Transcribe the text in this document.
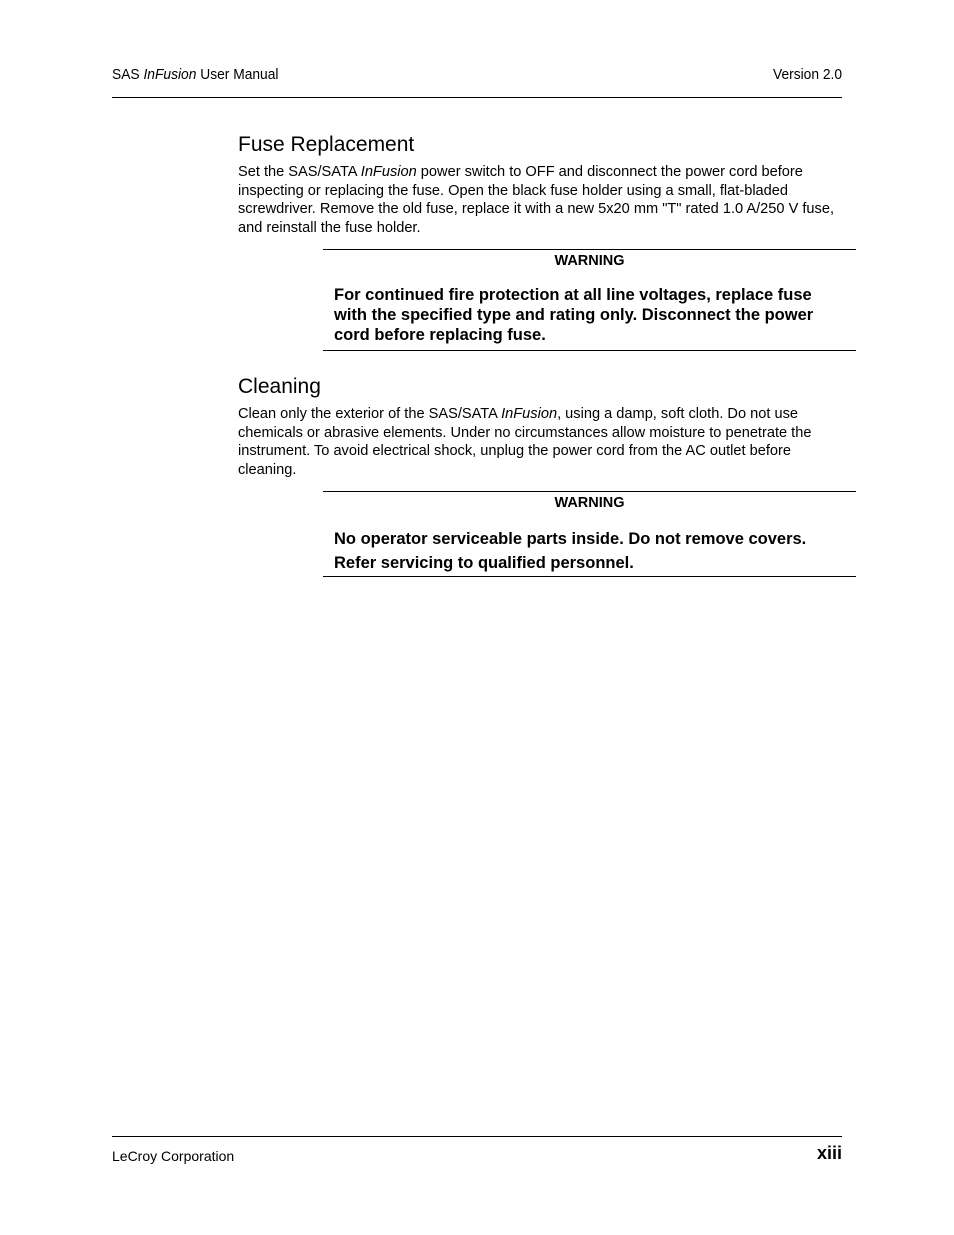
SAS InFusion User Manual	Version 2.0
Fuse Replacement

Set the SAS/SATA InFusion power switch to OFF and disconnect the power cord before inspecting or replacing the fuse. Open the black fuse holder using a small, flat-bladed screwdriver. Remove the old fuse, replace it with a new 5x20 mm "T" rated 1.0 A/250 V fuse, and reinstall the fuse holder.

WARNING

For continued fire protection at all line voltages, replace fuse with the specified type and rating only. Disconnect the power cord before replacing fuse.

Cleaning

Clean only the exterior of the SAS/SATA InFusion, using a damp, soft cloth. Do not use chemicals or abrasive elements. Under no circumstances allow moisture to penetrate the instrument. To avoid electrical shock, unplug the power cord from the AC outlet before cleaning.

WARNING

No operator serviceable parts inside. Do not remove covers. Refer servicing to qualified personnel.

LeCroy Corporation	xiii
